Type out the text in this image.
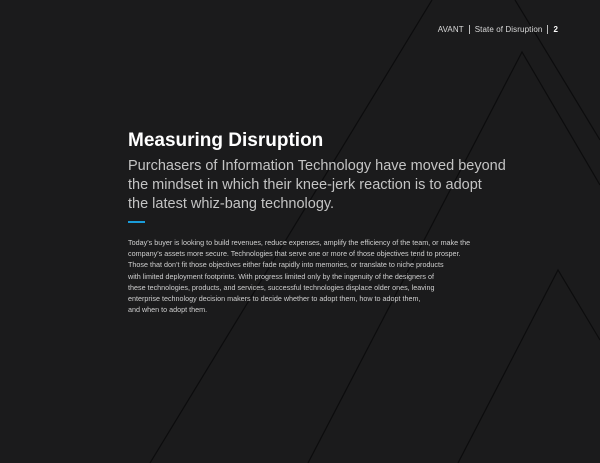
AVANT State of Disruption 2
Measuring Disruption
Purchasers of Information Technology have moved beyond
the mindset in which their knee-jerk reaction is to adopt
the latest whiz-bang technology.
Today’s buyer is looking to build revenues, reduce expenses, amplify the efficiency of the team, or make the
company’s assets more secure. Technologies that serve one or more of those objectives tend to prosper.
Those that don’t fit those objectives either fade rapidly into memories, or translate to niche products
with limited deployment footprints. With progress limited only by the ingenuity of the designers of
these technologies, products, and services, successful technologies displace older ones, leaving
enterprise technology decision makers to decide whether to adopt them, how to adopt them,
and when to adopt them.
